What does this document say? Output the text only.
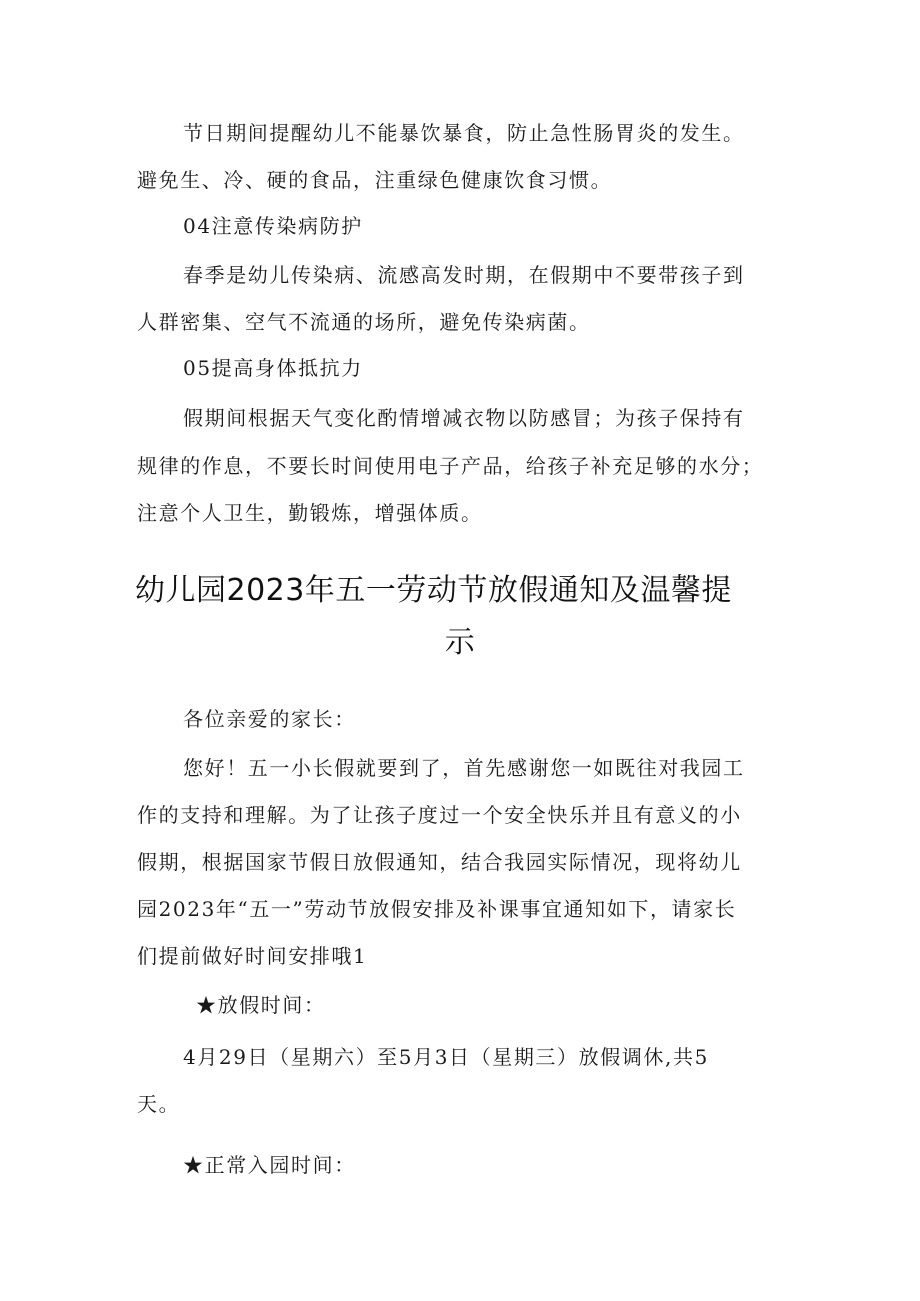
节日期间提醒幼儿不能暴饮暴食，防止急性肠胃炎的发生。
避免生、冷、硬的食品，注重绿色健康饮食习惯。
04注意传染病防护
春季是幼儿传染病、流感高发时期，在假期中不要带孩子到
人群密集、空气不流通的场所，避免传染病菌。
05提高身体抵抗力
假期间根据天气变化酌情增减衣物以防感冒；为孩子保持有
规律的作息，不要长时间使用电子产品，给孩子补充足够的水分；
注意个人卫生，勤锻炼，增强体质。
幼儿园2023年五一劳动节放假通知及温馨提
示
各位亲爱的家长：
您好！五一小长假就要到了，首先感谢您一如既往对我园工
作的支持和理解。为了让孩子度过一个安全快乐并且有意义的小
假期，根据国家节假日放假通知，结合我园实际情况，现将幼儿
园2023年“五一”劳动节放假安排及补课事宜通知如下，请家长
们提前做好时间安排哦1
★放假时间：
4月29日（星期六）至5月3日（星期三）放假调休,共5
天。
★正常入园时间：
